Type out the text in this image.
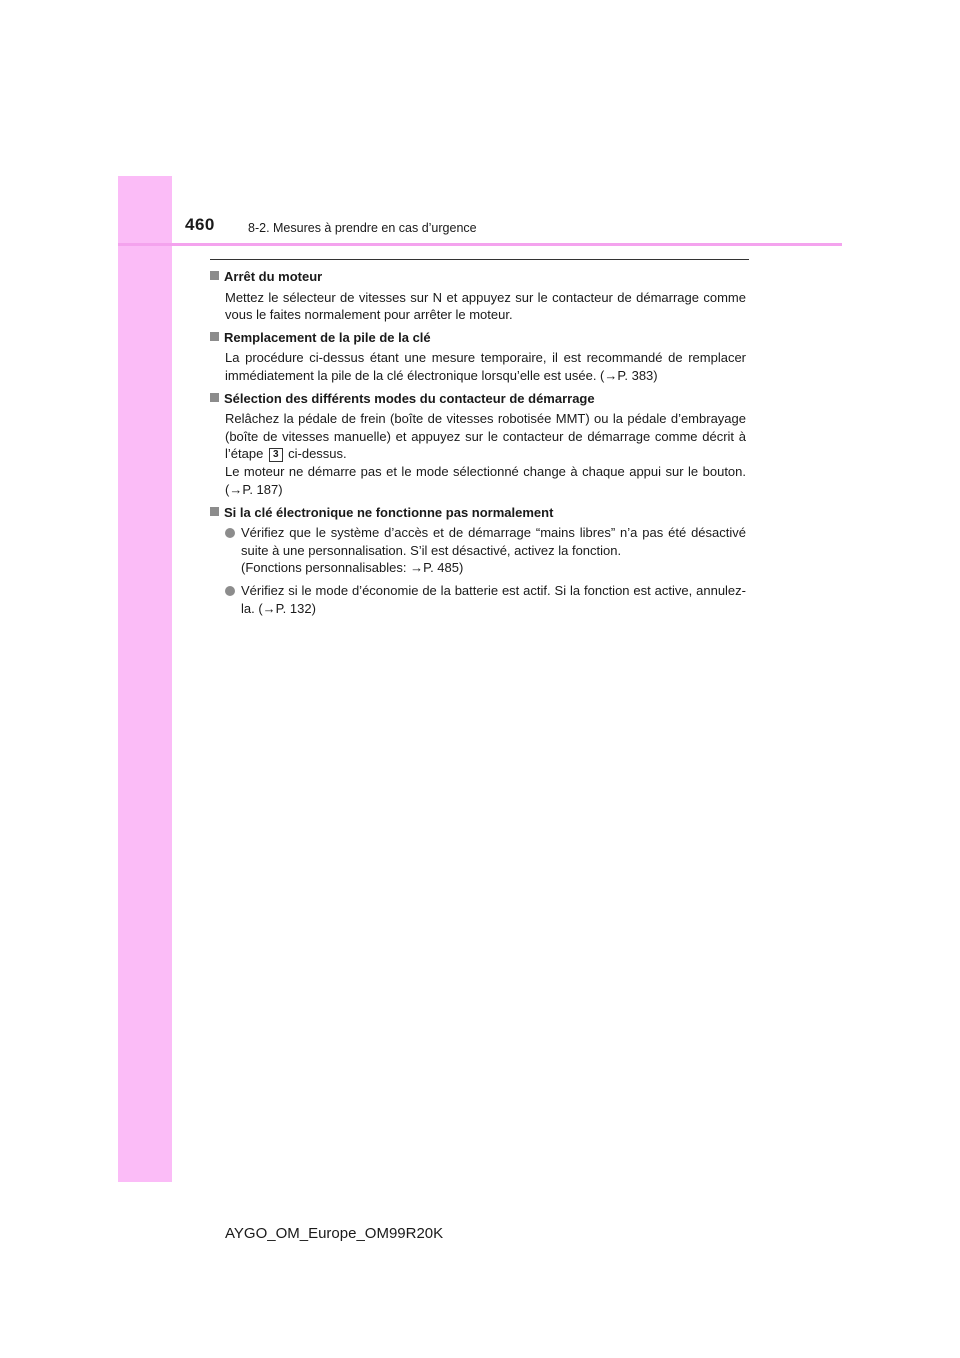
460	8-2. Mesures à prendre en cas d’urgence
Arrêt du moteur

Mettez le sélecteur de vitesses sur N et appuyez sur le contacteur de démarrage comme vous le faites normalement pour arrêter le moteur.

Remplacement de la pile de la clé

La procédure ci-dessus étant une mesure temporaire, il est recommandé de remplacer immédiatement la pile de la clé électronique lorsqu’elle est usée. (→P. 383)

Sélection des différents modes du contacteur de démarrage

Relâchez la pédale de frein (boîte de vitesses robotisée MMT) ou la pédale d’embrayage (boîte de vitesses manuelle) et appuyez sur le contacteur de démarrage comme décrit à l’étape 3 ci-dessus.

Le moteur ne démarre pas et le mode sélectionné change à chaque appui sur le bouton. (→P. 187)

Si la clé électronique ne fonctionne pas normalement

Vérifiez que le système d’accès et de démarrage “mains libres” n’a pas été désactivé suite à une personnalisation. S’il est désactivé, activez la fonction.

(Fonctions personnalisables: →P. 485)

Vérifiez si le mode d’économie de la batterie est actif. Si la fonction est active, annulez-la. (→P. 132)

AYGO_OM_Europe_OM99R20K
